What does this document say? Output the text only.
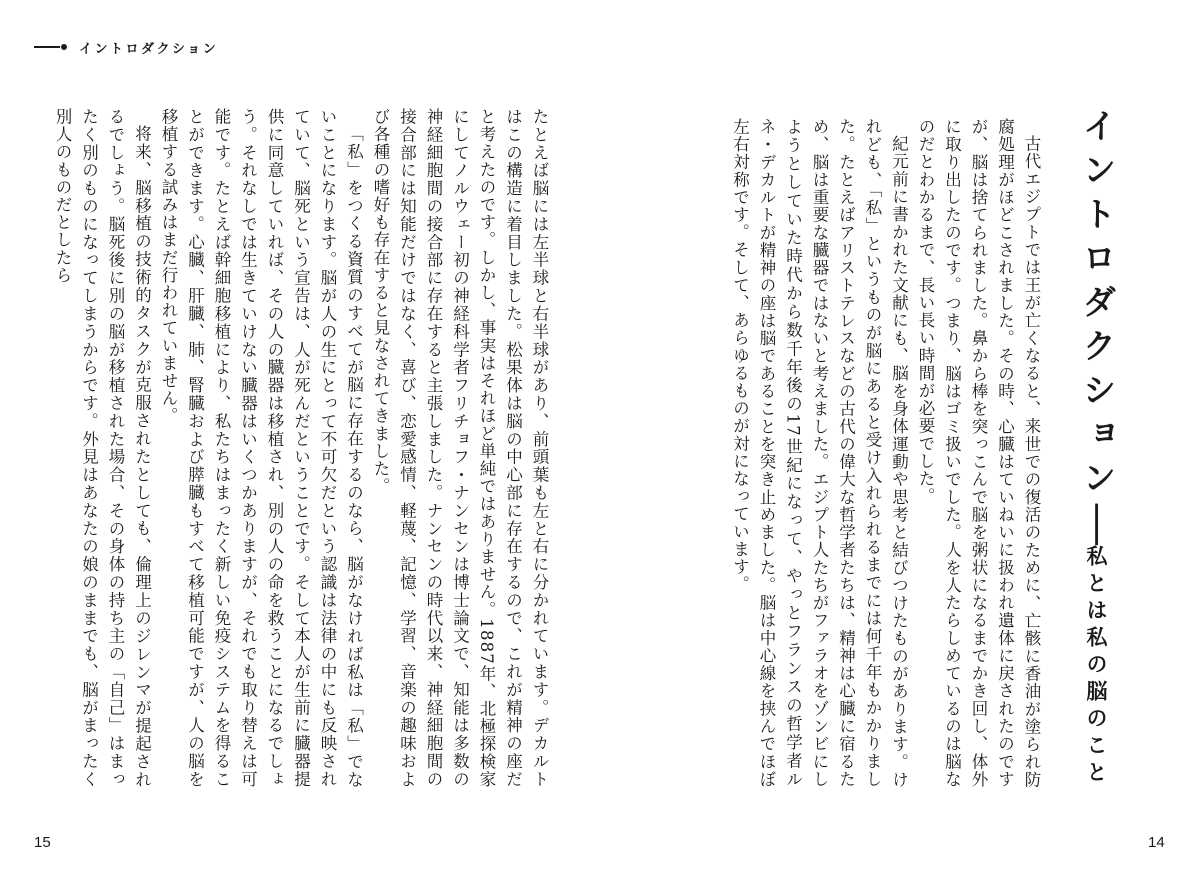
イントロダクション
イントロダクション──私とは私の脳のこと

古代エジプトでは王が亡くなると、来世での復活のために、亡骸に香油が塗られ防腐処理がほどこされました。その時、心臓はていねいに扱われ遺体に戻されたのですが、脳は捨てられました。鼻から棒を突っこんで脳を粥状になるまでかき回し、体外に取り出したのです。つまり、脳はゴミ扱いでした。人を人たらしめているのは脳なのだとわかるまで、長い長い時間が必要でした。

紀元前に書かれた文献にも、脳を身体運動や思考と結びつけたものがあります。けれども、「私」というものが脳にあると受け入れられるまでには何千年もかかりました。たとえばアリストテレスなどの古代の偉大な哲学者たちは、精神は心臓に宿るため、脳は重要な臓器ではないと考えました。エジプト人たちがファラオをゾンビにしようとしていた時代から数千年後の17世紀になって、やっとフランスの哲学者ルネ・デカルトが精神の座は脳であることを突き止めました。脳は中心線を挟んでほぼ左右対称です。そして、あらゆるものが対になっています。

たとえば脳には左半球と右半球があり、前頭葉も左と右に分かれています。デカルトはこの構造に着目しました。松果体は脳の中心部に存在するので、これが精神の座だと考えたのです。しかし、事実はそれほど単純ではありません。1887年、北極探検家にしてノルウェー初の神経科学者フリチョフ・ナンセンは博士論文で、知能は多数の神経細胞間の接合部に存在すると主張しました。ナンセンの時代以来、神経細胞間の接合部には知能だけではなく、喜び、恋愛感情、軽蔑、記憶、学習、音楽の趣味および各種の嗜好も存在すると見なされてきました。

「私」をつくる資質のすべてが脳に存在するのなら、脳がなければ私は「私」でないことになります。脳が人の生にとって不可欠だという認識は法律の中にも反映されていて、脳死という宣告は、人が死んだということです。そして本人が生前に臓器提供に同意していれば、その人の臓器は移植され、別の人の命を救うことになるでしょう。それなしでは生きていけない臓器はいくつかありますが、それでも取り替えは可能です。たとえば幹細胞移植により、私たちはまったく新しい免疫システムを得ることができます。心臓、肝臓、肺、腎臓および膵臓もすべて移植可能ですが、人の脳を移植する試みはまだ行われていません。

将来、脳移植の技術的タスクが克服されたとしても、倫理上のジレンマが提起されるでしょう。脳死後に別の脳が移植された場合、その身体の持ち主の「自己」はまったく別のものになってしまうからです。外見はあなたの娘のままでも、脳がまったく別人のものだとしたら

15	14
